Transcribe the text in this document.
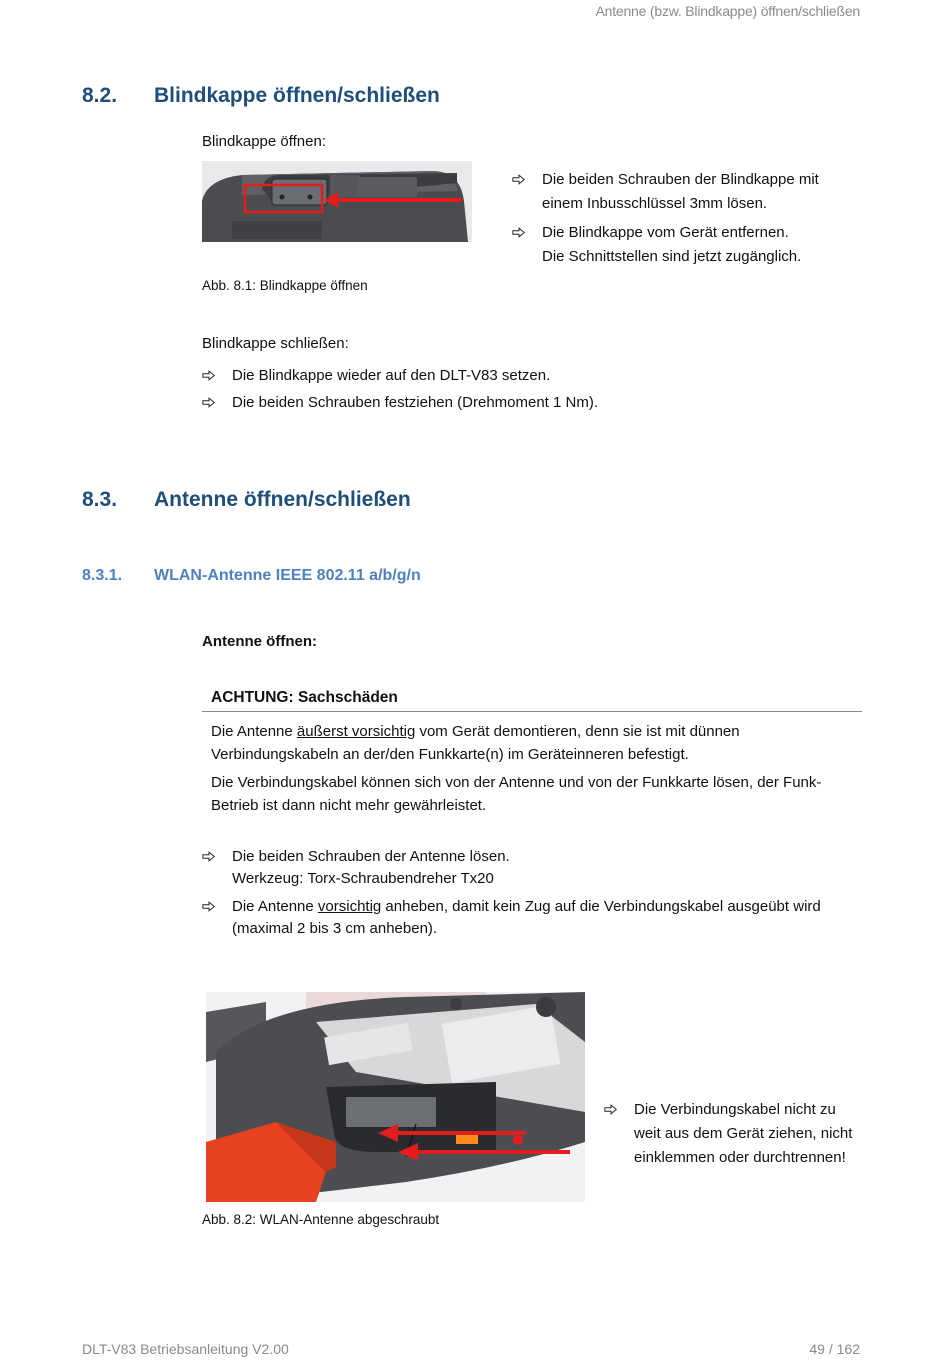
Antenne (bzw. Blindkappe) öffnen/schließen
8.2. Blindkappe öffnen/schließen
Blindkappe öffnen:
Die beiden Schrauben der Blindkappe mit
einem Inbusschlüssel 3mm lösen.
Die Blindkappe vom Gerät entfernen.
Die Schnittstellen sind jetzt zugänglich.
Abb. 8.1: Blindkappe öffnen
Blindkappe schließen:
Die Blindkappe wieder auf den DLT-V83 setzen.
Die beiden Schrauben festziehen (Drehmoment 1 Nm).
8.3. Antenne öffnen/schließen
8.3.1. WLAN-Antenne IEEE 802.11 a/b/g/n
Antenne öffnen:
ACHTUNG: Sachschäden
Die Antenne äußerst vorsichtig vom Gerät demontieren, denn sie ist mit dünnen
Verbindungskabeln an der/den Funkkarte(n) im Geräteinneren befestigt.
Die Verbindungskabel können sich von der Antenne und von der Funkkarte lösen, der Funk-
Betrieb ist dann nicht mehr gewährleistet.
Die beiden Schrauben der Antenne lösen.
Werkzeug: Torx-Schraubendreher Tx20
Die Antenne vorsichtig anheben, damit kein Zug auf die Verbindungskabel ausgeübt wird
(maximal 2 bis 3 cm anheben).
Die Verbindungskabel nicht zu
weit aus dem Gerät ziehen, nicht
einklemmen oder durchtrennen!
Abb. 8.2: WLAN-Antenne abgeschraubt
DLT-V83 Betriebsanleitung V2.00	49 / 162
